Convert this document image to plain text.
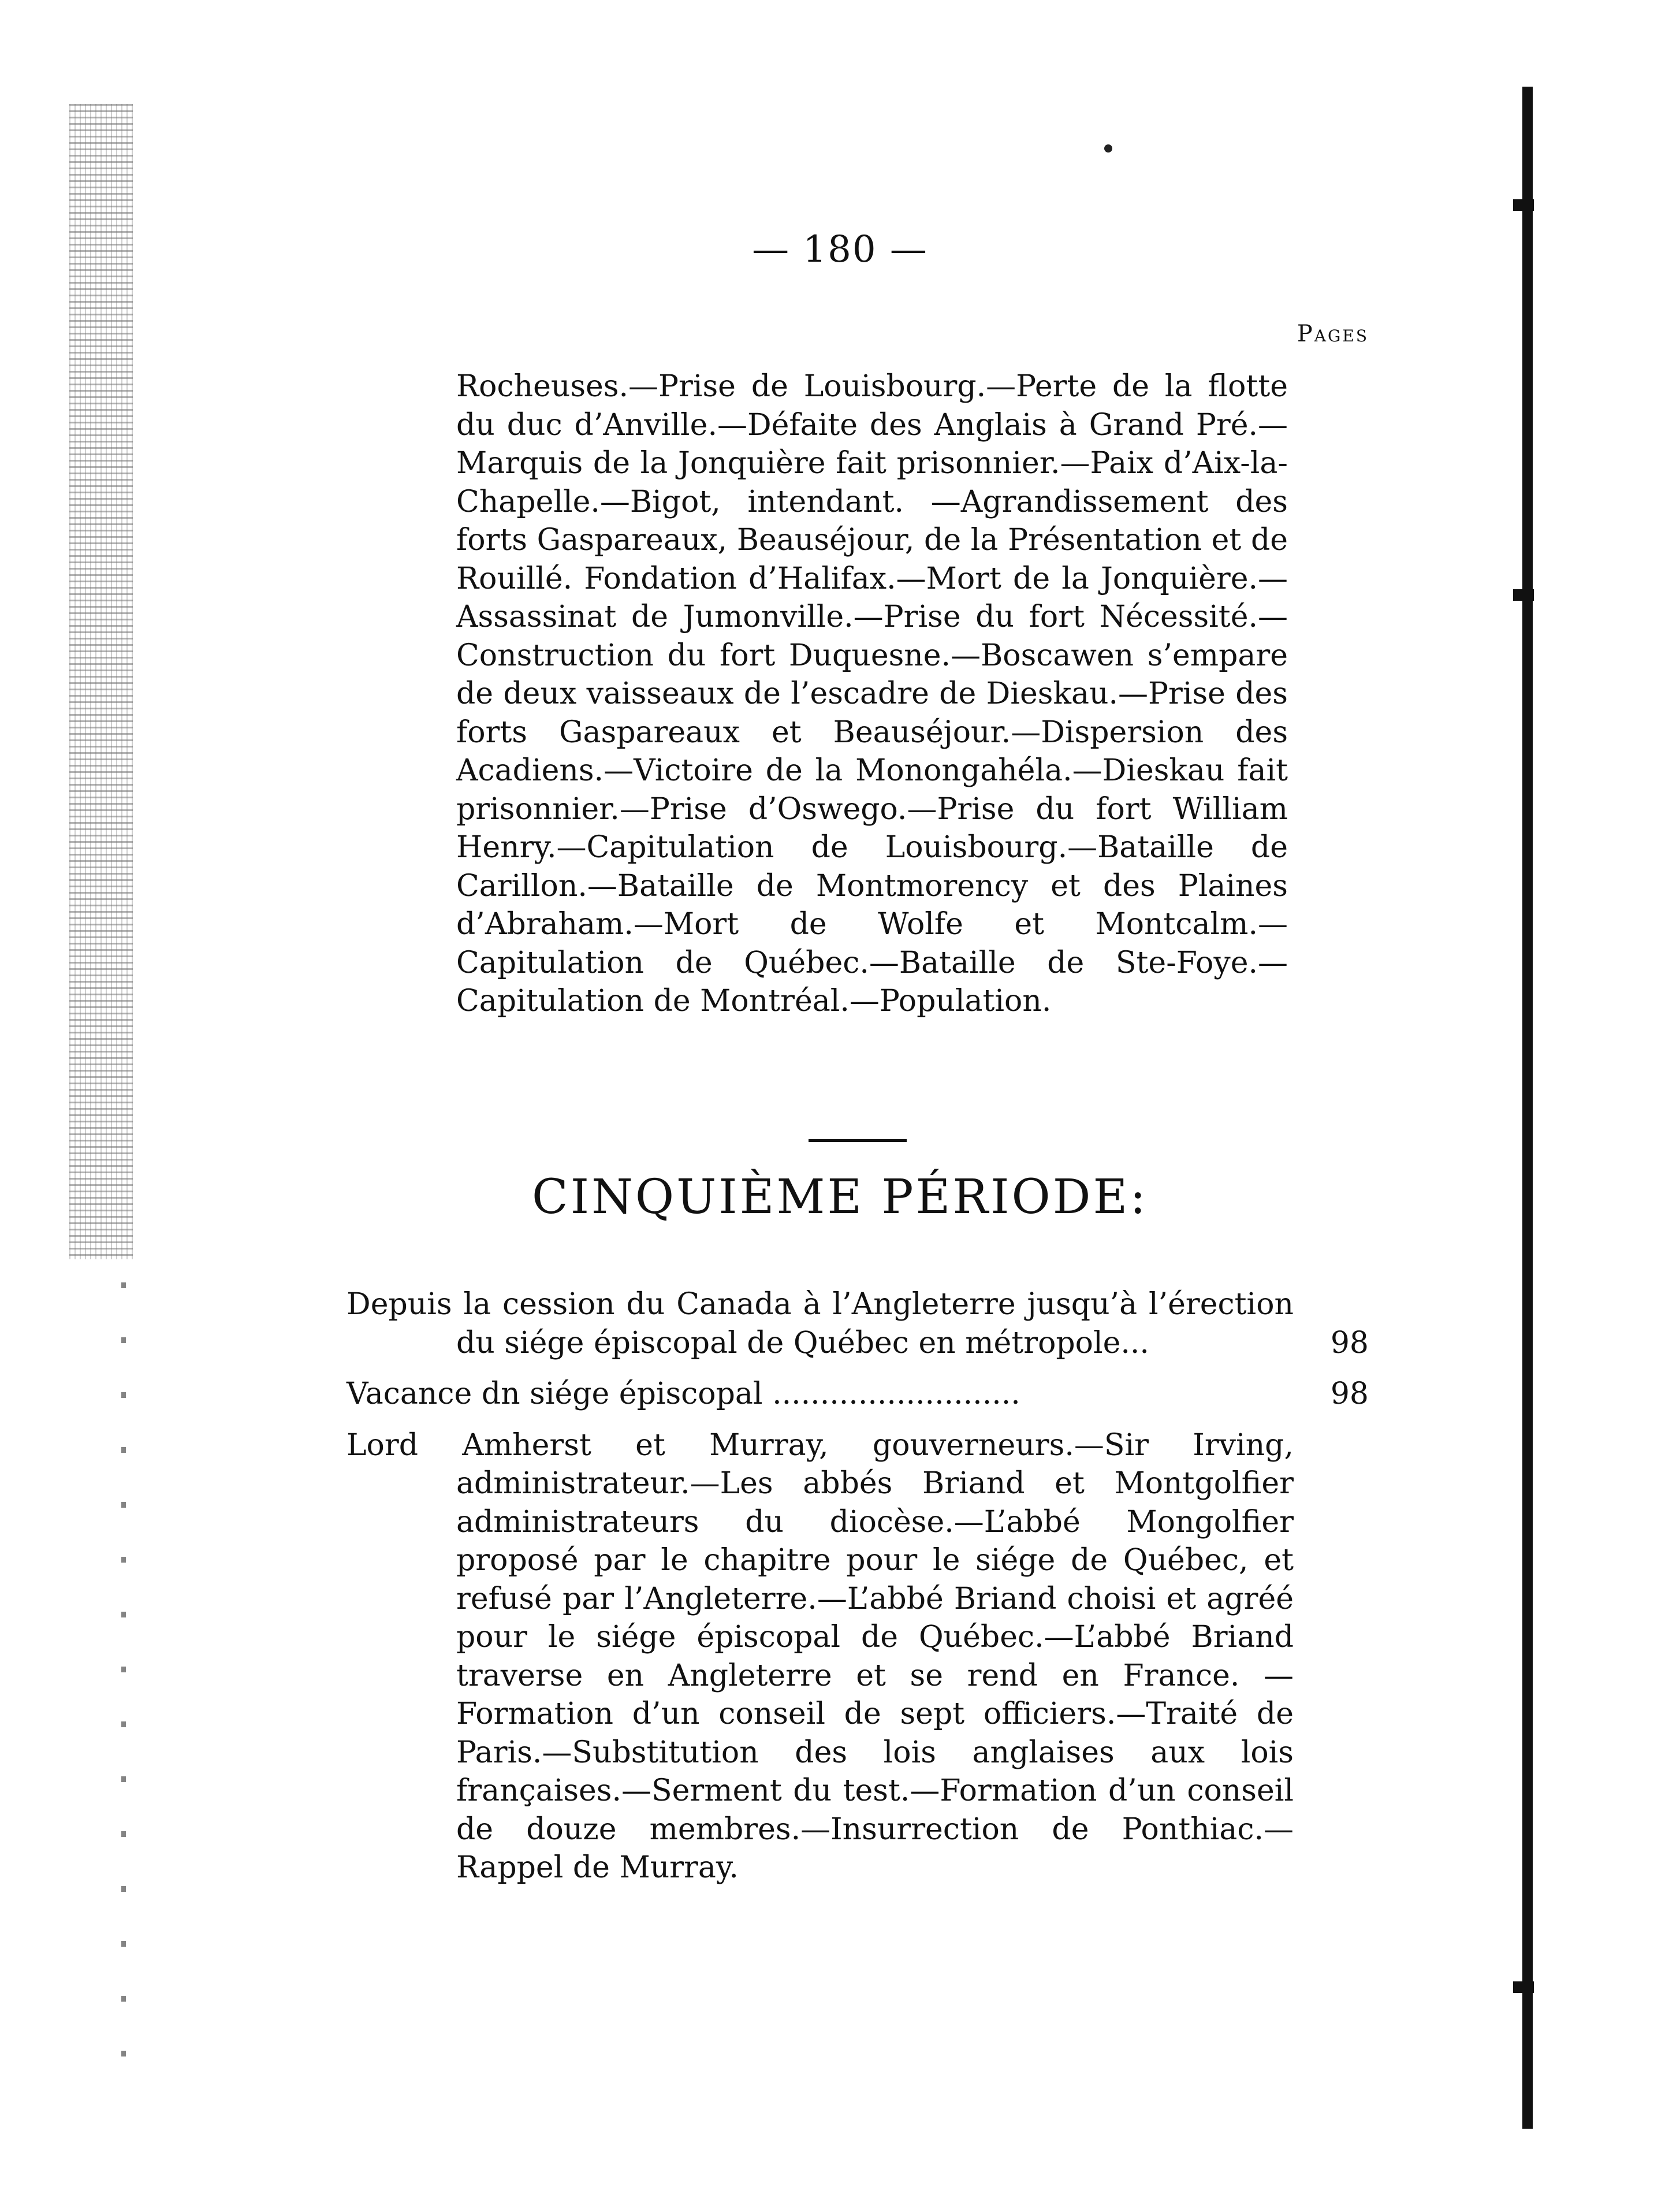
— 180 —
Pages
Rocheuses.—Prise de Louisbourg.—Perte de la flotte du duc d’Anville.—Défaite des Anglais à Grand Pré.—Marquis de la Jonquière fait prisonnier.—Paix d’Aix-la-Chapelle.—Bigot, intendant. —Agrandissement des forts Gaspareaux, Beauséjour, de la Présentation et de Rouillé. Fondation d’Halifax.—Mort de la Jonquière.—Assassinat de Jumonville.—Prise du fort Nécessité.—Construction du fort Duquesne.—Boscawen s’empare de deux vaisseaux de l’escadre de Dieskau.—Prise des forts Gaspareaux et Beauséjour.—Dispersion des Acadiens.—Victoire de la Monongahéla.—Dieskau fait prisonnier.—Prise d’Oswego.—Prise du fort William Henry.—Capitulation de Louisbourg.—Bataille de Carillon.—Bataille de Montmorency et des Plaines d’Abraham.—Mort de Wolfe et Montcalm.—Capitulation de Québec.—Bataille de Ste-Foye.—Capitulation de Montréal.—Population.
CINQUIÈME PÉRIODE:
Depuis la cession du Canada à l’Angleterre jusqu’à l’érection du siége épiscopal de Québec en métropole...	98
Vacance dn siége épiscopal ..........................	98
Lord Amherst et Murray, gouverneurs.—Sir Irving, administrateur.—Les abbés Briand et Montgolfier administrateurs du diocèse.—L’abbé Mongolfier proposé par le chapitre pour le siége de Québec, et refusé par l’Angleterre.—L’abbé Briand choisi et agréé pour le siége épiscopal de Québec.—L’abbé Briand traverse en Angleterre et se rend en France. —Formation d’un conseil de sept officiers.—Traité de Paris.—Substitution des lois anglaises aux lois françaises.—Serment du test.—Formation d’un conseil de douze membres.—Insurrection de Ponthiac.—Rappel de Murray.
